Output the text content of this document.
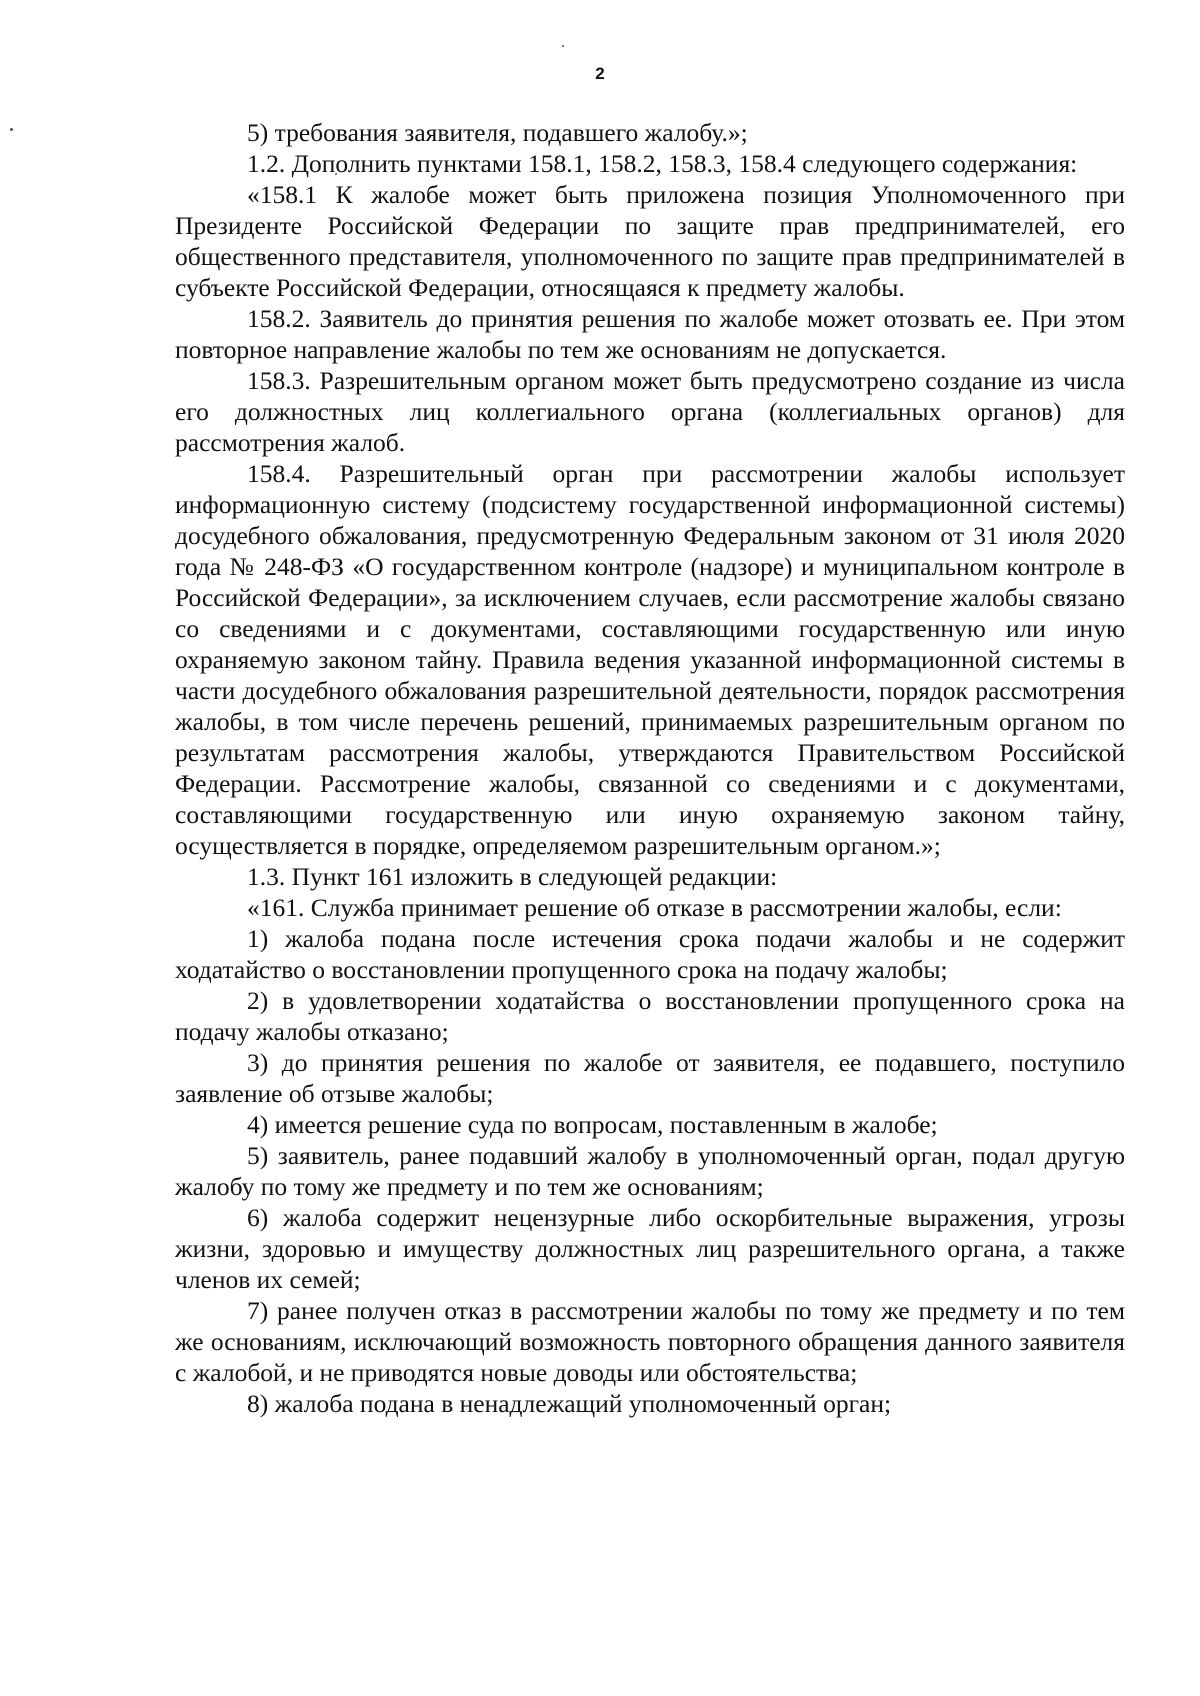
2

5) требования заявителя, подавшего жалобу.»;

1.2. Дополнить пунктами 158.1, 158.2, 158.3, 158.4 следующего содержания:

«158.1 К жалобе может быть приложена позиция Уполномоченного при Президенте Российской Федерации по защите прав предпринимателей, его общественного представителя, уполномоченного по защите прав предпринимателей в субъекте Российской Федерации, относящаяся к предмету жалобы.

158.2. Заявитель до принятия решения по жалобе может отозвать ее. При этом повторное направление жалобы по тем же основаниям не допускается.

158.3. Разрешительным органом может быть предусмотрено создание из числа его должностных лиц коллегиального органа (коллегиальных органов) для рассмотрения жалоб.

158.4. Разрешительный орган при рассмотрении жалобы использует информационную систему (подсистему государственной информационной системы) досудебного обжалования, предусмотренную Федеральным законом от 31 июля 2020 года № 248-ФЗ «О государственном контроле (надзоре) и муниципальном контроле в Российской Федерации», за исключением случаев, если рассмотрение жалобы связано со сведениями и с документами, составляющими государственную или иную охраняемую законом тайну. Правила ведения указанной информационной системы в части досудебного обжалования разрешительной деятельности, порядок рассмотрения жалобы, в том числе перечень решений, принимаемых разрешительным органом по результатам рассмотрения жалобы, утверждаются Правительством Российской Федерации. Рассмотрение жалобы, связанной со сведениями и с документами, составляющими государственную или иную охраняемую законом тайну, осуществляется в порядке, определяемом разрешительным органом.»;

1.3. Пункт 161 изложить в следующей редакции:

«161. Служба принимает решение об отказе в рассмотрении жалобы, если:

1) жалоба подана после истечения срока подачи жалобы и не содержит ходатайство о восстановлении пропущенного срока на подачу жалобы;

2) в удовлетворении ходатайства о восстановлении пропущенного срока на подачу жалобы отказано;

3) до принятия решения по жалобе от заявителя, ее подавшего, поступило заявление об отзыве жалобы;

4) имеется решение суда по вопросам, поставленным в жалобе;

5) заявитель, ранее подавший жалобу в уполномоченный орган, подал другую жалобу по тому же предмету и по тем же основаниям;

6) жалоба содержит нецензурные либо оскорбительные выражения, угрозы жизни, здоровью и имуществу должностных лиц разрешительного органа, а также членов их семей;

7) ранее получен отказ в рассмотрении жалобы по тому же предмету и по тем же основаниям, исключающий возможность повторного обращения данного заявителя с жалобой, и не приводятся новые доводы или обстоятельства;

8) жалоба подана в ненадлежащий уполномоченный орган;
